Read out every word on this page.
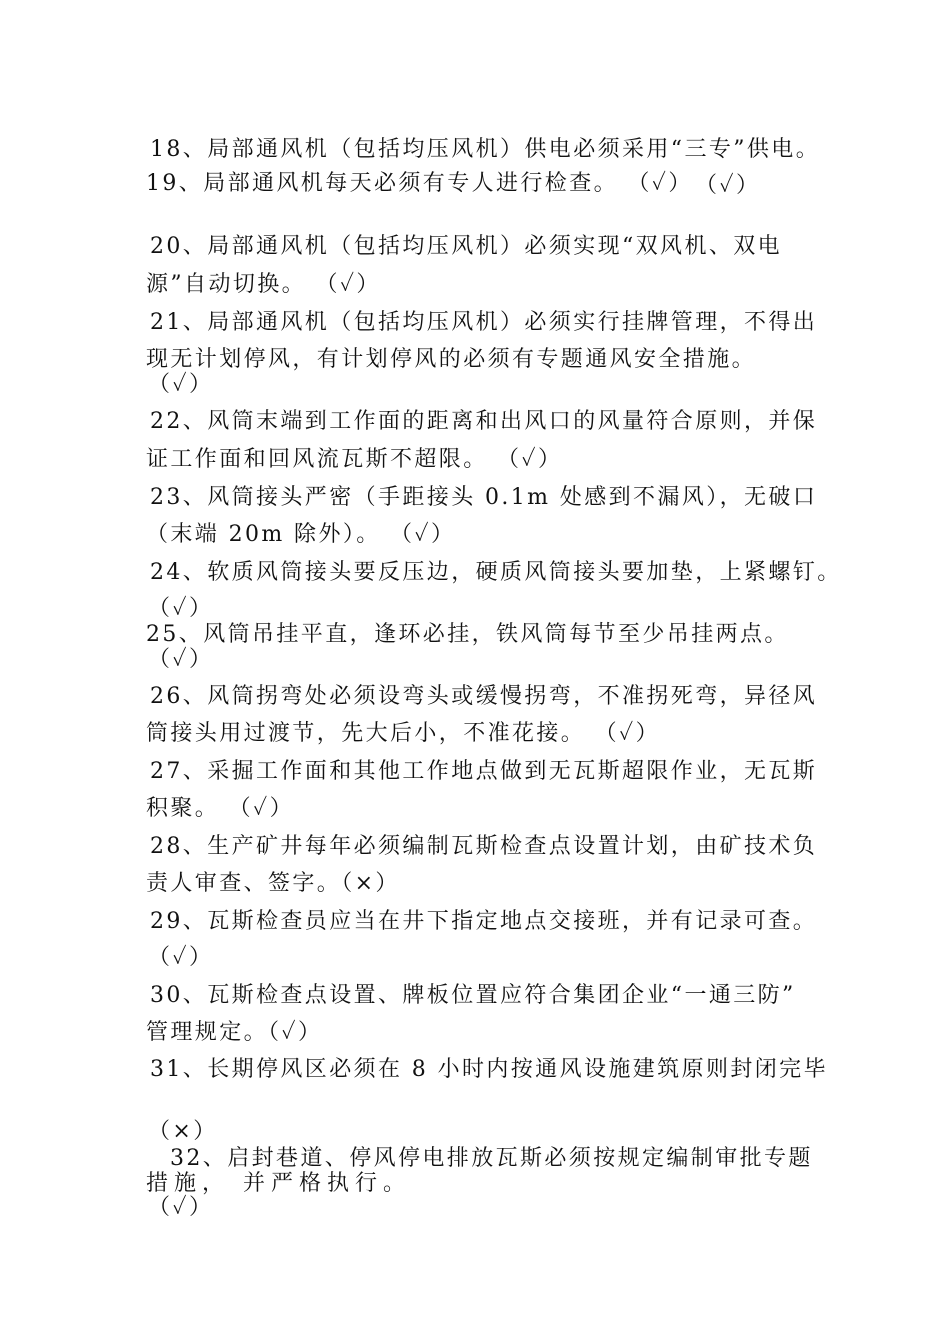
18、局部通风机（包括均压风机）供电必须采用“三专”供电。
（✓）
19、局部通风机每天必须有专人进行检查。 （✓）
20、局部通风机（包括均压风机）必须实现“双风机、双电
源”自动切换。 （✓）
21、局部通风机（包括均压风机）必须实行挂牌管理，不得出
现无计划停风，有计划停风的必须有专题通风安全措施。
（✓）
22、风筒末端到工作面的距离和出风口的风量符合原则，并保
证工作面和回风流瓦斯不超限。 （✓）
23、风筒接头严密（手距接头 0.1m 处感到不漏风），无破口
（末端 20m 除外）。 （✓）
24、软质风筒接头要反压边，硬质风筒接头要加垫，上紧螺钉。
（✓）
25、风筒吊挂平直，逢环必挂，铁风筒每节至少吊挂两点。
（✓）
26、风筒拐弯处必须设弯头或缓慢拐弯，不准拐死弯，异径风
筒接头用过渡节，先大后小，不准花接。 （✓）
27、采掘工作面和其他工作地点做到无瓦斯超限作业，无瓦斯
积聚。 （✓）
28、生产矿井每年必须编制瓦斯检查点设置计划，由矿技术负
责人审查、签字。（×）
29、瓦斯检查员应当在井下指定地点交接班，并有记录可查。
（✓）
30、瓦斯检查点设置、牌板位置应符合集团企业“一通三防”
管理规定。（✓）
31、长期停风区必须在 8 小时内按通风设施建筑原则封闭完毕
（×）
32、启封巷道、停风停电排放瓦斯必须按规定编制审批专题
措施， 并严格执行。
（✓）
